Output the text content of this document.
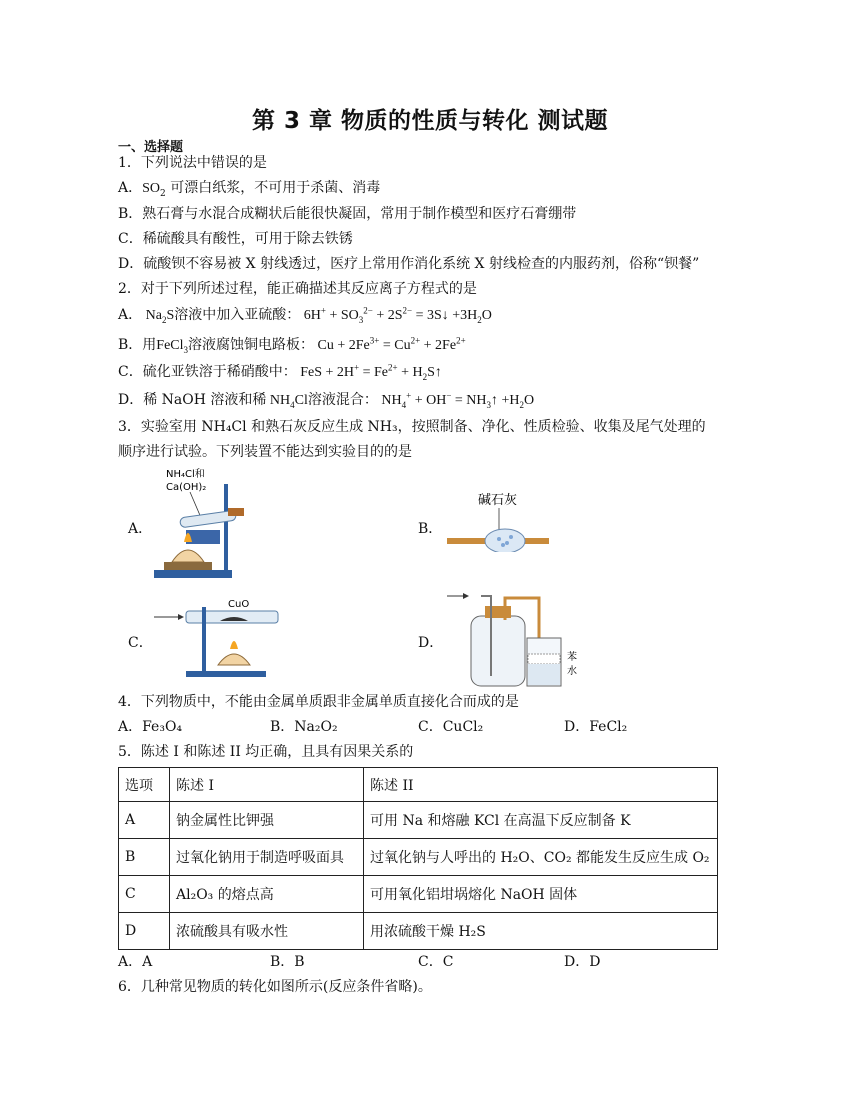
第 3 章 物质的性质与转化 测试题
一、选择题
1．下列说法中错误的是
A．$SO_2$ 可漂白纸浆，不可用于杀菌、消毒
B．熟石膏与水混合成糊状后能很快凝固，常用于制作模型和医疗石膏绷带
C．稀硫酸具有酸性，可用于除去铁锈
D．硫酸钡不容易被 X 射线透过，医疗上常用作消化系统 X 射线检查的内服药剂，俗称“钡餐”
2．对于下列所述过程，能正确描述其反应离子方程式的是
A． $Na_2S$溶液中加入亚硫酸： $6H^+ + SO_3^{2-} + 2S^{2-}$ = 3S↓ $+3H_2O$
B．用FeCl$_3$溶液腐蚀铜电路板： $Cu + 2Fe^{3+} = Cu^{2+} + 2Fe^{2+}$
C．硫化亚铁溶于稀硝酸中： FeS + $2H^+ = Fe^{2+}$ + $H_2S↑$
D．稀 NaOH 溶液和稀 $NH_4Cl$溶液混合： $NH_4^+ + OH^-$ = $NH_3↑ +H_2O$
3．实验室用 NH₄Cl 和熟石灰反应生成 NH₃，按照制备、净化、性质检验、收集及尾气处理的
顺序进行试验。下列装置不能达到实验目的的是
A．	B．
C．	D．
NH₄Cl和
Ca(OH)₂
碱石灰
CuO
苯
水
4．下列物质中，不能由金属单质跟非金属单质直接化合而成的是
A．Fe₃O₄	B．Na₂O₂	C．CuCl₂	D．FeCl₂
5．陈述 I 和陈述 II 均正确，且具有因果关系的
选项	陈述 I	陈述 II
A	钠金属性比钾强	可用 Na 和熔融 KCl 在高温下反应制备 K
B	过氧化钠用于制造呼吸面具	过氧化钠与人呼出的 H₂O、CO₂ 都能发生反应生成 O₂
C	Al₂O₃ 的熔点高	可用氧化铝坩埚熔化 NaOH 固体
D	浓硫酸具有吸水性	用浓硫酸干燥 H₂S
A．A	B．B	C．C	D．D
6．几种常见物质的转化如图所示(反应条件省略)。
